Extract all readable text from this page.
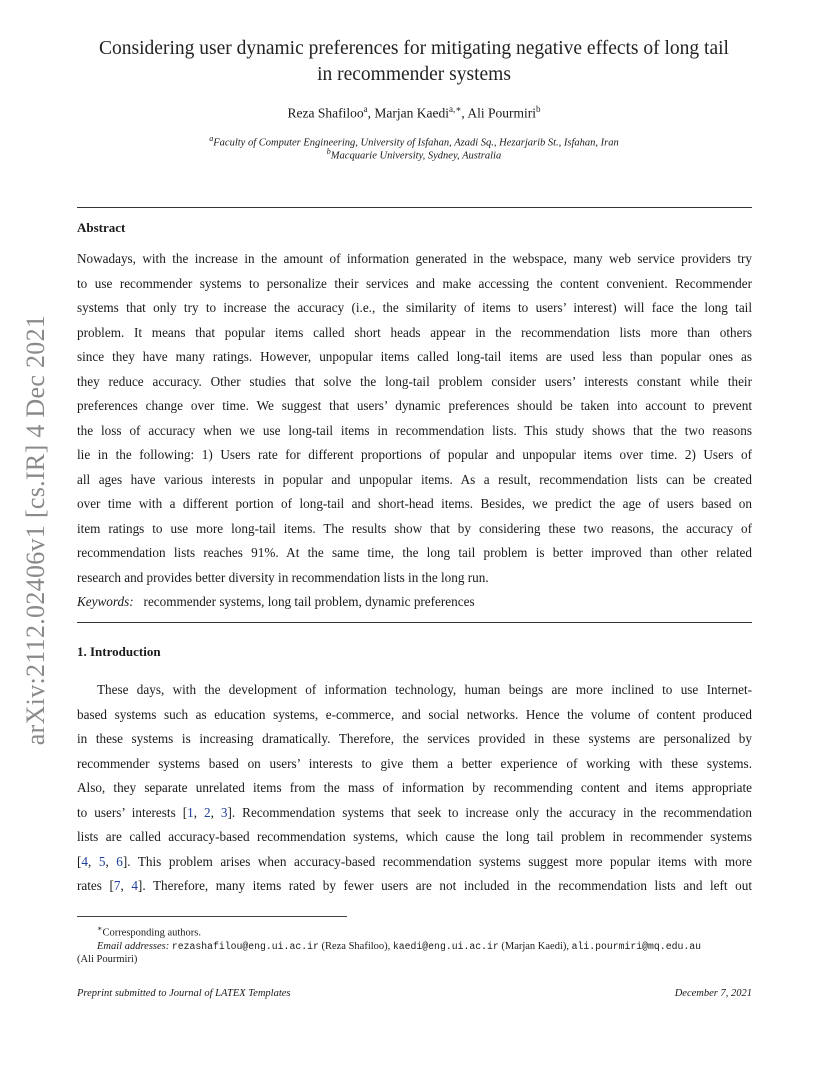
arXiv:2112.02406v1 [cs.IR] 4 Dec 2021
Considering user dynamic preferences for mitigating negative effects of long tail
in recommender systems
Reza Shafiloo$^a$, Marjan Kaedi$^{a,∗}$, Ali Pourmiri$^b$
$^a$Faculty of Computer Engineering, University of Isfahan, Azadi Sq., Hezarjarib St., Isfahan, Iran
$^b$Macquarie University, Sydney, Australia
Abstract
Nowadays, with the increase in the amount of information generated in the webspace, many web service providers try
to use recommender systems to personalize their services and make accessing the content convenient. Recommender
systems that only try to increase the accuracy (i.e., the similarity of items to users’ interest) will face the long tail
problem. It means that popular items called short heads appear in the recommendation lists more than others
since they have many ratings. However, unpopular items called long-tail items are used less than popular ones as
they reduce accuracy. Other studies that solve the long-tail problem consider users’ interests constant while their
preferences change over time. We suggest that users’ dynamic preferences should be taken into account to prevent
the loss of accuracy when we use long-tail items in recommendation lists. This study shows that the two reasons
lie in the following: 1) Users rate for different proportions of popular and unpopular items over time. 2) Users of
all ages have various interests in popular and unpopular items. As a result, recommendation lists can be created
over time with a different portion of long-tail and short-head items. Besides, we predict the age of users based on
item ratings to use more long-tail items. The results show that by considering these two reasons, the accuracy of
recommendation lists reaches 91%. At the same time, the long tail problem is better improved than other related
research and provides better diversity in recommendation lists in the long run.
Keywords: recommender systems, long tail problem, dynamic preferences
1. Introduction
These days, with the development of information technology, human beings are more inclined to use Internet-
based systems such as education systems, e-commerce, and social networks. Hence the volume of content produced
in these systems is increasing dramatically. Therefore, the services provided in these systems are personalized by
recommender systems based on users’ interests to give them a better experience of working with these systems.
Also, they separate unrelated items from the mass of information by recommending content and items appropriate
to users’ interests [1, 2, 3]. Recommendation systems that seek to increase only the accuracy in the recommendation
lists are called accuracy-based recommendation systems, which cause the long tail problem in recommender systems
[4, 5, 6]. This problem arises when accuracy-based recommendation systems suggest more popular items with more
rates [7, 4]. Therefore, many items rated by fewer users are not included in the recommendation lists and left out
∗Corresponding authors.
Email addresses: rezashafilou@eng.ui.ac.ir (Reza Shafiloo), kaedi@eng.ui.ac.ir (Marjan Kaedi), ali.pourmiri@mq.edu.au
(Ali Pourmiri)
Preprint submitted to Journal of LATEX Templates	December 7, 2021
